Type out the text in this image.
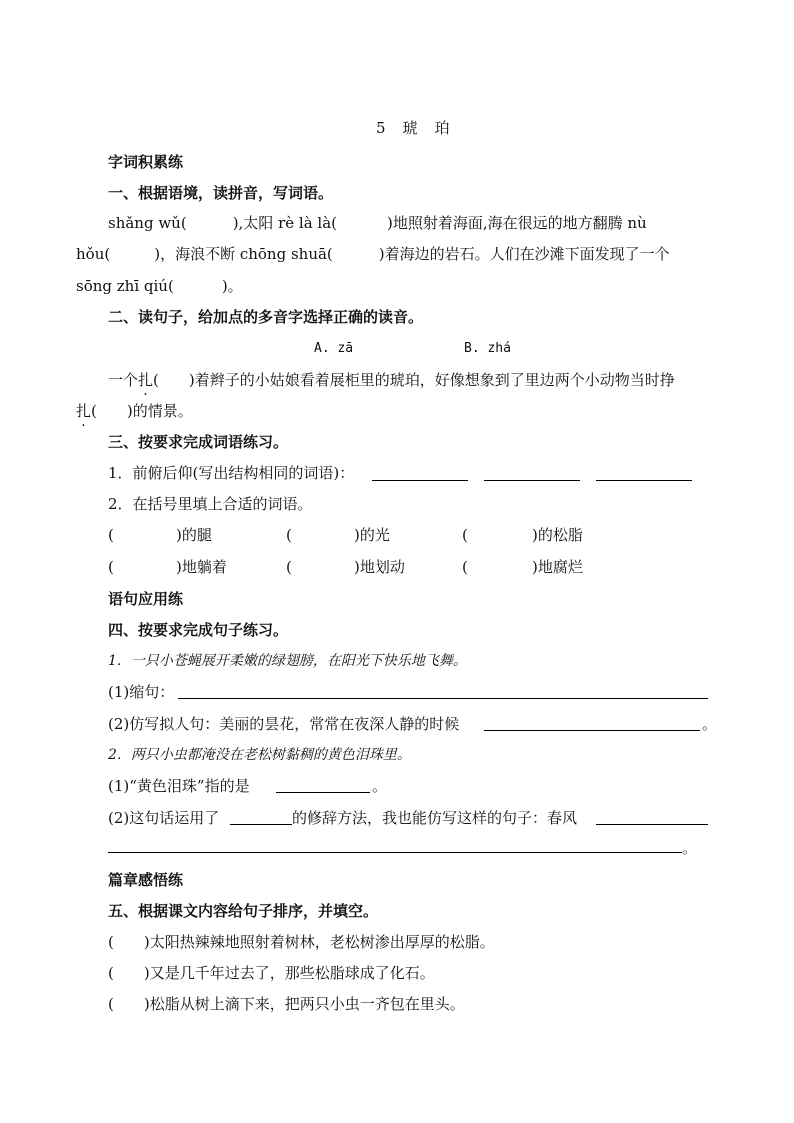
5　琥　珀
字词积累练
一、根据语境，读拼音，写词语。
shǎng wǔ(	),太阳 rè là là(	)地照射着海面,海在很远的地方翻腾 nù
hǒu(	)，海浪不断 chōng shuā(	)着海边的岩石。人们在沙滩下面发现了一个
sōng zhī qiú(	)。
二、读句子，给加点的多音字选择正确的读音。
A. zā	B. zhá
一个扎(　　)着辫子的小姑娘看着展柜里的琥珀，好像想象到了里边两个小动物当时挣
扎(　　)的情景。
三、按要求完成词语练习。
1．前俯后仰(写出结构相同的词语)：
2．在括号里填上合适的词语。
(	)的腿	(	)的光	(	)的松脂
(	)地躺着	(	)地划动	(	)地腐烂
语句应用练
四、按要求完成句子练习。
1．一只小苍蝇展开柔嫩的绿翅膀，在阳光下快乐地飞舞。
(1)缩句：
(2)仿写拟人句：美丽的昙花，常常在夜深人静的时候	。
2．两只小虫都淹没在老松树黏稠的黄色泪珠里。
(1)“黄色泪珠”指的是	。
(2)这句话运用了	的修辞方法，我也能仿写这样的句子：春风
。
篇章感悟练
五、根据课文内容给句子排序，并填空。
(　　)太阳热辣辣地照射着树林，老松树渗出厚厚的松脂。
(　　)又是几千年过去了，那些松脂球成了化石。
(　　)松脂从树上滴下来，把两只小虫一齐包在里头。
